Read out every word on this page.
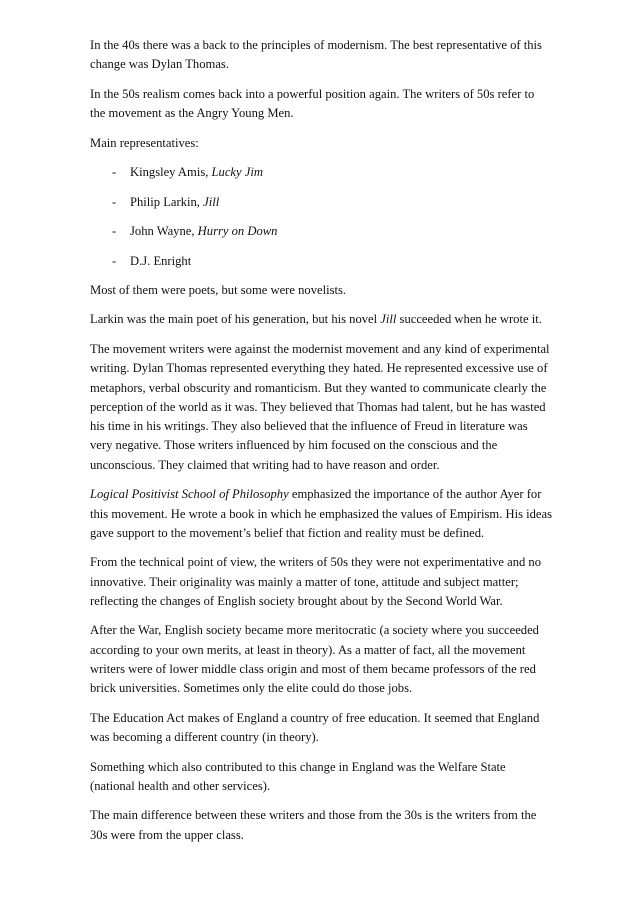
In the 40s there was a back to the principles of modernism. The best representative of this change was Dylan Thomas.

In the 50s realism comes back into a powerful position again. The writers of 50s refer to the movement as the Angry Young Men.

Main representatives:

- Kingsley Amis, Lucky Jim
- Philip Larkin, Jill
- John Wayne, Hurry on Down
- D.J. Enright

Most of them were poets, but some were novelists.

Larkin was the main poet of his generation, but his novel Jill succeeded when he wrote it.

The movement writers were against the modernist movement and any kind of experimental writing. Dylan Thomas represented everything they hated. He represented excessive use of metaphors, verbal obscurity and romanticism. But they wanted to communicate clearly the perception of the world as it was. They believed that Thomas had talent, but he has wasted his time in his writings. They also believed that the influence of Freud in literature was very negative. Those writers influenced by him focused on the conscious and the unconscious. They claimed that writing had to have reason and order.

Logical Positivist School of Philosophy emphasized the importance of the author Ayer for this movement. He wrote a book in which he emphasized the values of Empirism. His ideas gave support to the movement’s belief that fiction and reality must be defined.

From the technical point of view, the writers of 50s they were not experimentative and no innovative. Their originality was mainly a matter of tone, attitude and subject matter; reflecting the changes of English society brought about by the Second World War.

After the War, English society became more meritocratic (a society where you succeeded according to your own merits, at least in theory). As a matter of fact, all the movement writers were of lower middle class origin and most of them became professors of the red brick universities. Sometimes only the elite could do those jobs.

The Education Act makes of England a country of free education. It seemed that England was becoming a different country (in theory).

Something which also contributed to this change in England was the Welfare State (national health and other services).

The main difference between these writers and those from the 30s is the writers from the 30s were from the upper class.
